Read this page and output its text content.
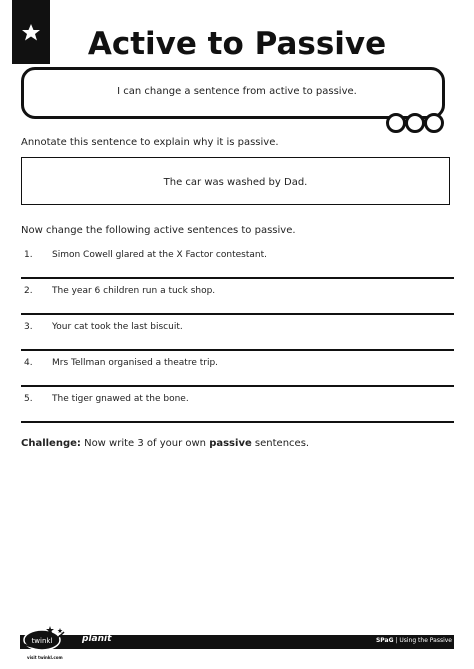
Active to Passive
I can change a sentence from active to passive.
Annotate this sentence to explain why it is passive.
The car was washed by Dad.
Now change the following active sentences to passive.
1. Simon Cowell glared at the X Factor contestant.
2. The year 6 children run a tuck shop.
3. Your cat took the last biscuit.
4. Mrs Tellman organised a theatre trip.
5. The tiger gnawed at the bone.
Challenge: Now write 3 of your own passive sentences.
twinkl
visit twinkl.com
planit	SPaG | Using the Passive
